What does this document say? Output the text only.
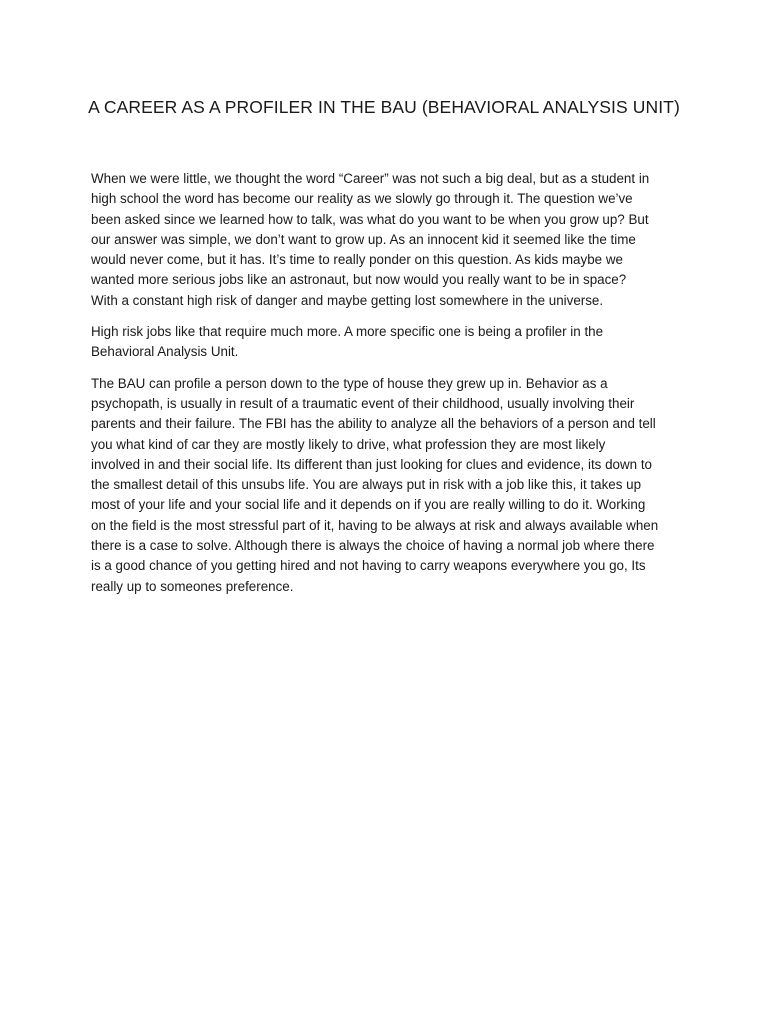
A CAREER AS A PROFILER IN THE BAU (BEHAVIORAL ANALYSIS UNIT)

When we were little, we thought the word “Career” was not such a big deal, but as a student in
high school the word has become our reality as we slowly go through it. The question we’ve
been asked since we learned how to talk, was what do you want to be when you grow up? But
our answer was simple, we don’t want to grow up. As an innocent kid it seemed like the time
would never come, but it has. It’s time to really ponder on this question. As kids maybe we
wanted more serious jobs like an astronaut, but now would you really want to be in space?
With a constant high risk of danger and maybe getting lost somewhere in the universe.

High risk jobs like that require much more. A more specific one is being a profiler in the
Behavioral Analysis Unit.

The BAU can profile a person down to the type of house they grew up in. Behavior as a
psychopath, is usually in result of a traumatic event of their childhood, usually involving their
parents and their failure. The FBI has the ability to analyze all the behaviors of a person and tell
you what kind of car they are mostly likely to drive, what profession they are most likely
involved in and their social life. Its different than just looking for clues and evidence, its down to
the smallest detail of this unsubs life. You are always put in risk with a job like this, it takes up
most of your life and your social life and it depends on if you are really willing to do it. Working
on the field is the most stressful part of it, having to be always at risk and always available when
there is a case to solve. Although there is always the choice of having a normal job where there
is a good chance of you getting hired and not having to carry weapons everywhere you go, Its
really up to someones preference.
